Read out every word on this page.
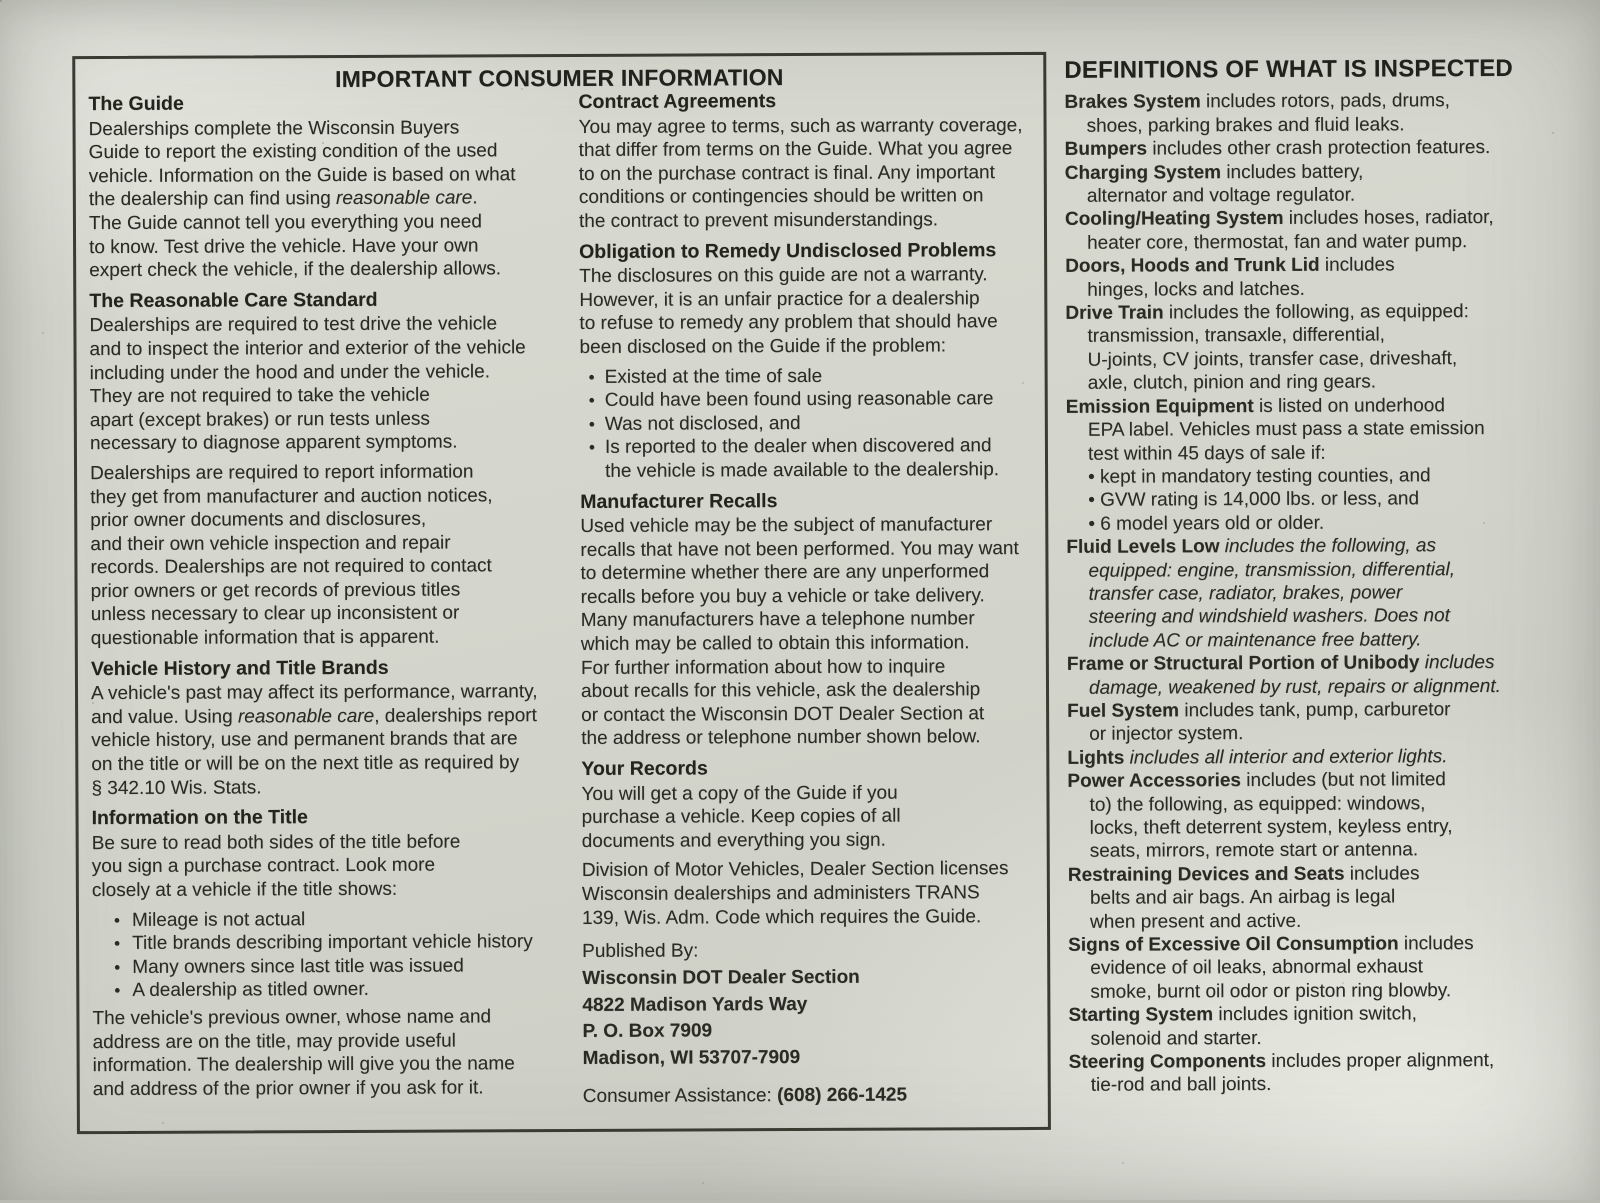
IMPORTANT CONSUMER INFORMATION
The Guide
Dealerships complete the Wisconsin Buyers
Guide to report the existing condition of the used
vehicle. Information on the Guide is based on what
the dealership can find using reasonable care.
The Guide cannot tell you everything you need
to know. Test drive the vehicle. Have your own
expert check the vehicle, if the dealership allows.
The Reasonable Care Standard
Dealerships are required to test drive the vehicle
and to inspect the interior and exterior of the vehicle
including under the hood and under the vehicle.
They are not required to take the vehicle
apart (except brakes) or run tests unless
necessary to diagnose apparent symptoms.
Dealerships are required to report information
they get from manufacturer and auction notices,
prior owner documents and disclosures,
and their own vehicle inspection and repair
records. Dealerships are not required to contact
prior owners or get records of previous titles
unless necessary to clear up inconsistent or
questionable information that is apparent.
Vehicle History and Title Brands
A vehicle's past may affect its performance, warranty,
and value. Using reasonable care, dealerships report
vehicle history, use and permanent brands that are
on the title or will be on the next title as required by
§ 342.10 Wis. Stats.
Information on the Title
Be sure to read both sides of the title before
you sign a purchase contract. Look more
closely at a vehicle if the title shows:
• Mileage is not actual
• Title brands describing important vehicle history
• Many owners since last title was issued
• A dealership as titled owner.
The vehicle's previous owner, whose name and
address are on the title, may provide useful
information. The dealership will give you the name
and address of the prior owner if you ask for it.
Contract Agreements
You may agree to terms, such as warranty coverage,
that differ from terms on the Guide. What you agree
to on the purchase contract is final. Any important
conditions or contingencies should be written on
the contract to prevent misunderstandings.
Obligation to Remedy Undisclosed Problems
The disclosures on this guide are not a warranty.
However, it is an unfair practice for a dealership
to refuse to remedy any problem that should have
been disclosed on the Guide if the problem:
• Existed at the time of sale
• Could have been found using reasonable care
• Was not disclosed, and
• Is reported to the dealer when discovered and
the vehicle is made available to the dealership.
Manufacturer Recalls
Used vehicle may be the subject of manufacturer
recalls that have not been performed. You may want
to determine whether there are any unperformed
recalls before you buy a vehicle or take delivery.
Many manufacturers have a telephone number
which may be called to obtain this information.
For further information about how to inquire
about recalls for this vehicle, ask the dealership
or contact the Wisconsin DOT Dealer Section at
the address or telephone number shown below.
Your Records
You will get a copy of the Guide if you
purchase a vehicle. Keep copies of all
documents and everything you sign.
Division of Motor Vehicles, Dealer Section licenses
Wisconsin dealerships and administers TRANS
139, Wis. Adm. Code which requires the Guide.
Published By:
Wisconsin DOT Dealer Section
4822 Madison Yards Way
P. O. Box 7909
Madison, WI 53707-7909
Consumer Assistance: (608) 266-1425
DEFINITIONS OF WHAT IS INSPECTED
Brakes System includes rotors, pads, drums,
shoes, parking brakes and fluid leaks.
Bumpers includes other crash protection features.
Charging System includes battery,
alternator and voltage regulator.
Cooling/Heating System includes hoses, radiator,
heater core, thermostat, fan and water pump.
Doors, Hoods and Trunk Lid includes
hinges, locks and latches.
Drive Train includes the following, as equipped:
transmission, transaxle, differential,
U-joints, CV joints, transfer case, driveshaft,
axle, clutch, pinion and ring gears.
Emission Equipment is listed on underhood
EPA label. Vehicles must pass a state emission
test within 45 days of sale if:
• kept in mandatory testing counties, and
• GVW rating is 14,000 lbs. or less, and
• 6 model years old or older.
Fluid Levels Low includes the following, as
equipped: engine, transmission, differential,
transfer case, radiator, brakes, power
steering and windshield washers. Does not
include AC or maintenance free battery.
Frame or Structural Portion of Unibody includes
damage, weakened by rust, repairs or alignment.
Fuel System includes tank, pump, carburetor
or injector system.
Lights includes all interior and exterior lights.
Power Accessories includes (but not limited
to) the following, as equipped: windows,
locks, theft deterrent system, keyless entry,
seats, mirrors, remote start or antenna.
Restraining Devices and Seats includes
belts and air bags. An airbag is legal
when present and active.
Signs of Excessive Oil Consumption includes
evidence of oil leaks, abnormal exhaust
smoke, burnt oil odor or piston ring blowby.
Starting System includes ignition switch,
solenoid and starter.
Steering Components includes proper alignment,
tie-rod and ball joints.
